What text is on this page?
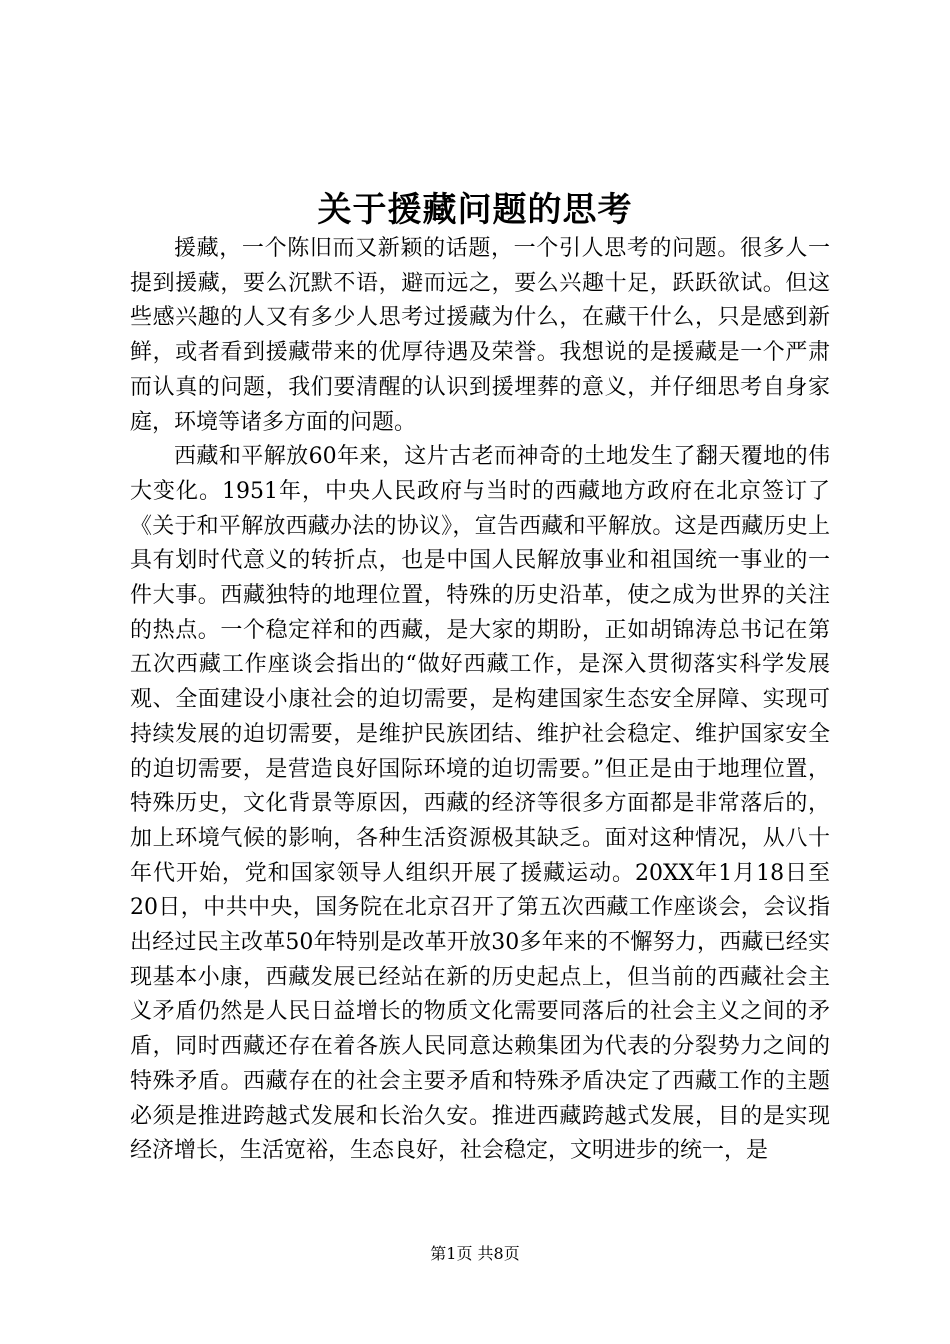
关于援藏问题的思考

援藏，一个陈旧而又新颖的话题，一个引人思考的问题。很多人一提到援藏，要么沉默不语，避而远之，要么兴趣十足，跃跃欲试。但这些感兴趣的人又有多少人思考过援藏为什么，在藏干什么，只是感到新鲜，或者看到援藏带来的优厚待遇及荣誉。我想说的是援藏是一个严肃而认真的问题，我们要清醒的认识到援埋葬的意义，并仔细思考自身家庭，环境等诸多方面的问题。

西藏和平解放60年来，这片古老而神奇的土地发生了翻天覆地的伟大变化。1951年，中央人民政府与当时的西藏地方政府在北京签订了《关于和平解放西藏办法的协议》，宣告西藏和平解放。这是西藏历史上具有划时代意义的转折点，也是中国人民解放事业和祖国统一事业的一件大事。西藏独特的地理位置，特殊的历史沿革，使之成为世界的关注的热点。一个稳定祥和的西藏，是大家的期盼，正如胡锦涛总书记在第五次西藏工作座谈会指出的“做好西藏工作，是深入贯彻落实科学发展观、全面建设小康社会的迫切需要，是构建国家生态安全屏障、实现可持续发展的迫切需要，是维护民族团结、维护社会稳定、维护国家安全的迫切需要，是营造良好国际环境的迫切需要。”但正是由于地理位置，特殊历史，文化背景等原因，西藏的经济等很多方面都是非常落后的，加上环境气候的影响，各种生活资源极其缺乏。面对这种情况，从八十年代开始，党和国家领导人组织开展了援藏运动。20XX年1月18日至20日，中共中央，国务院在北京召开了第五次西藏工作座谈会，会议指出经过民主改革50年特别是改革开放30多年来的不懈努力，西藏已经实现基本小康，西藏发展已经站在新的历史起点上，但当前的西藏社会主义矛盾仍然是人民日益增长的物质文化需要同落后的社会主义之间的矛盾，同时西藏还存在着各族人民同意达赖集团为代表的分裂势力之间的特殊矛盾。西藏存在的社会主要矛盾和特殊矛盾决定了西藏工作的主题必须是推进跨越式发展和长治久安。推进西藏跨越式发展，目的是实现经济增长，生活宽裕，生态良好，社会稳定，文明进步的统一，是

第1页 共8页
